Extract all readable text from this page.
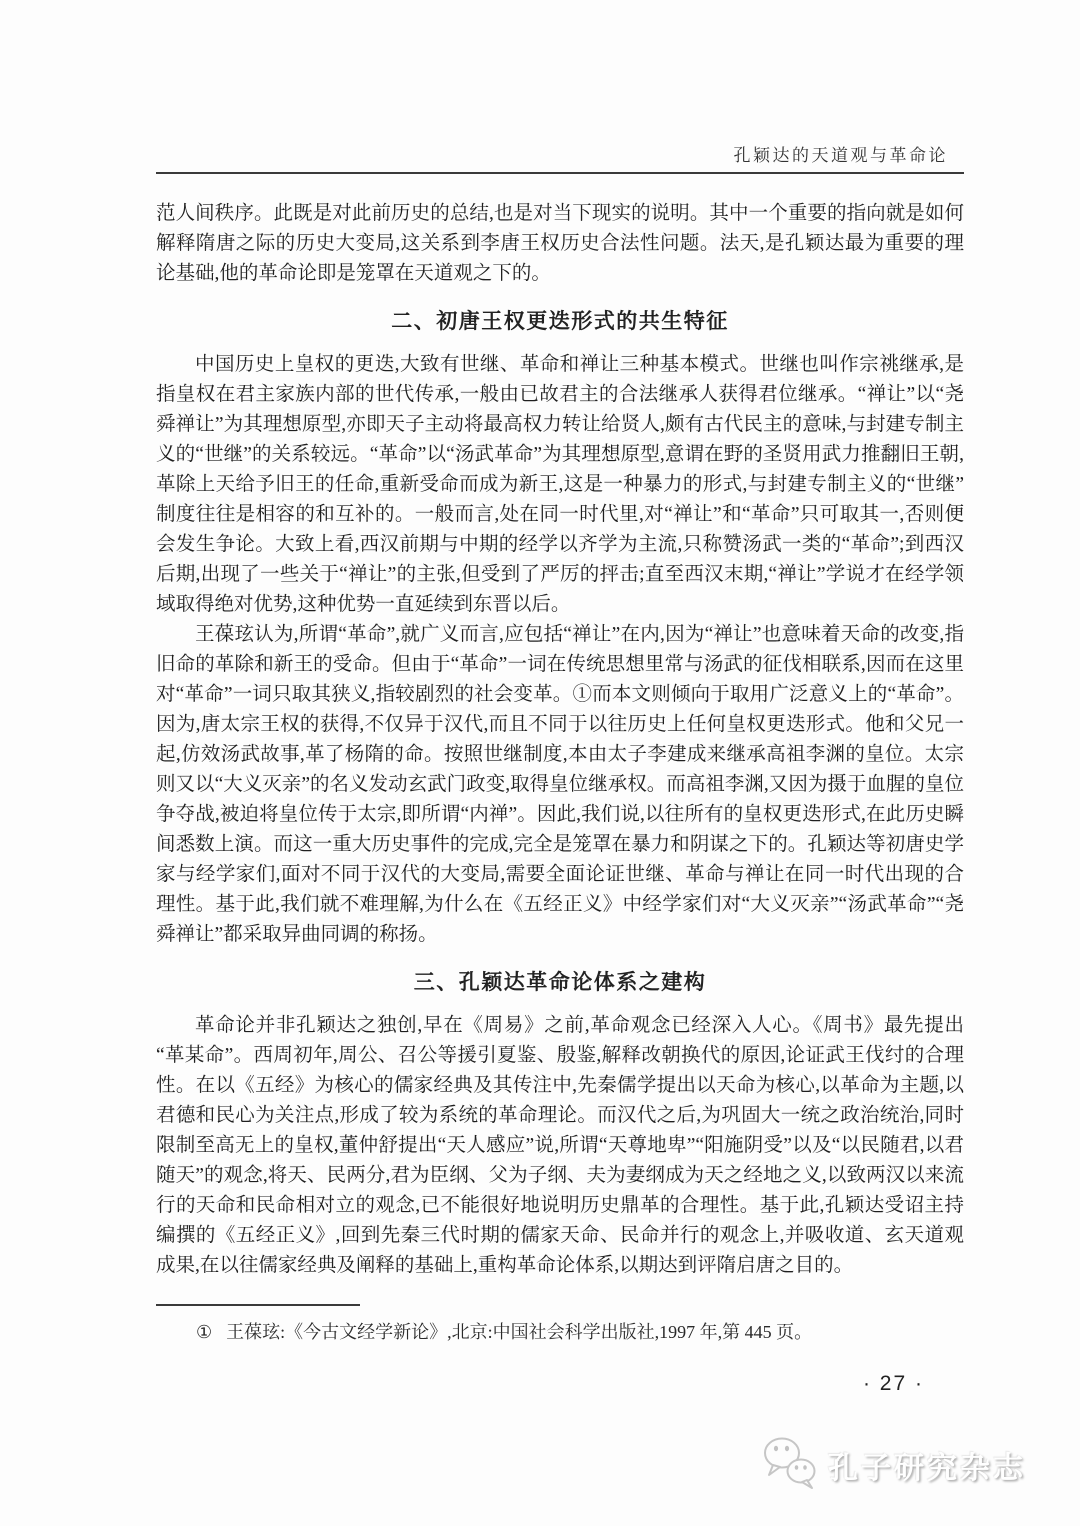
孔颖达的天道观与革命论

范人间秩序。此既是对此前历史的总结,也是对当下现实的说明。其中一个重要的指向就是如何解释隋唐之际的历史大变局,这关系到李唐王权历史合法性问题。法天,是孔颖达最为重要的理论基础,他的革命论即是笼罩在天道观之下的。

二、初唐王权更迭形式的共生特征

中国历史上皇权的更迭,大致有世继、革命和禅让三种基本模式。世继也叫作宗祧继承,是指皇权在君主家族内部的世代传承,一般由已故君主的合法继承人获得君位继承。“禅让”以“尧舜禅让”为其理想原型,亦即天子主动将最高权力转让给贤人,颇有古代民主的意味,与封建专制主义的“世继”的关系较远。“革命”以“汤武革命”为其理想原型,意谓在野的圣贤用武力推翻旧王朝,革除上天给予旧王的任命,重新受命而成为新王,这是一种暴力的形式,与封建专制主义的“世继”制度往往是相容的和互补的。一般而言,处在同一时代里,对“禅让”和“革命”只可取其一,否则便会发生争论。大致上看,西汉前期与中期的经学以齐学为主流,只称赞汤武一类的“革命”;到西汉后期,出现了一些关于“禅让”的主张,但受到了严厉的抨击;直至西汉末期,“禅让”学说才在经学领域取得绝对优势,这种优势一直延续到东晋以后。

王葆玹认为,所谓“革命”,就广义而言,应包括“禅让”在内,因为“禅让”也意味着天命的改变,指旧命的革除和新王的受命。但由于“革命”一词在传统思想里常与汤武的征伐相联系,因而在这里对“革命”一词只取其狭义,指较剧烈的社会变革。①而本文则倾向于取用广泛意义上的“革命”。因为,唐太宗王权的获得,不仅异于汉代,而且不同于以往历史上任何皇权更迭形式。他和父兄一起,仿效汤武故事,革了杨隋的命。按照世继制度,本由太子李建成来继承高祖李渊的皇位。太宗则又以“大义灭亲”的名义发动玄武门政变,取得皇位继承权。而高祖李渊,又因为摄于血腥的皇位争夺战,被迫将皇位传于太宗,即所谓“内禅”。因此,我们说,以往所有的皇权更迭形式,在此历史瞬间悉数上演。而这一重大历史事件的完成,完全是笼罩在暴力和阴谋之下的。孔颖达等初唐史学家与经学家们,面对不同于汉代的大变局,需要全面论证世继、革命与禅让在同一时代出现的合理性。基于此,我们就不难理解,为什么在《五经正义》中经学家们对“大义灭亲”“汤武革命”“尧舜禅让”都采取异曲同调的称扬。

三、孔颖达革命论体系之建构

革命论并非孔颖达之独创,早在《周易》之前,革命观念已经深入人心。《周书》最先提出“革某命”。西周初年,周公、召公等援引夏鉴、殷鉴,解释改朝换代的原因,论证武王伐纣的合理性。在以《五经》为核心的儒家经典及其传注中,先秦儒学提出以天命为核心,以革命为主题,以君德和民心为关注点,形成了较为系统的革命理论。而汉代之后,为巩固大一统之政治统治,同时限制至高无上的皇权,董仲舒提出“天人感应”说,所谓“天尊地卑”“阳施阴受”以及“以民随君,以君随天”的观念,将天、民两分,君为臣纲、父为子纲、夫为妻纲成为天之经地之义,以致两汉以来流行的天命和民命相对立的观念,已不能很好地说明历史鼎革的合理性。基于此,孔颖达受诏主持编撰的《五经正义》,回到先秦三代时期的儒家天命、民命并行的观念上,并吸收道、玄天道观成果,在以往儒家经典及阐释的基础上,重构革命论体系,以期达到评隋启唐之目的。

① 王葆玹:《今古文经学新论》,北京:中国社会科学出版社,1997 年,第 445 页。

· 27 ·
孔子研究杂志
